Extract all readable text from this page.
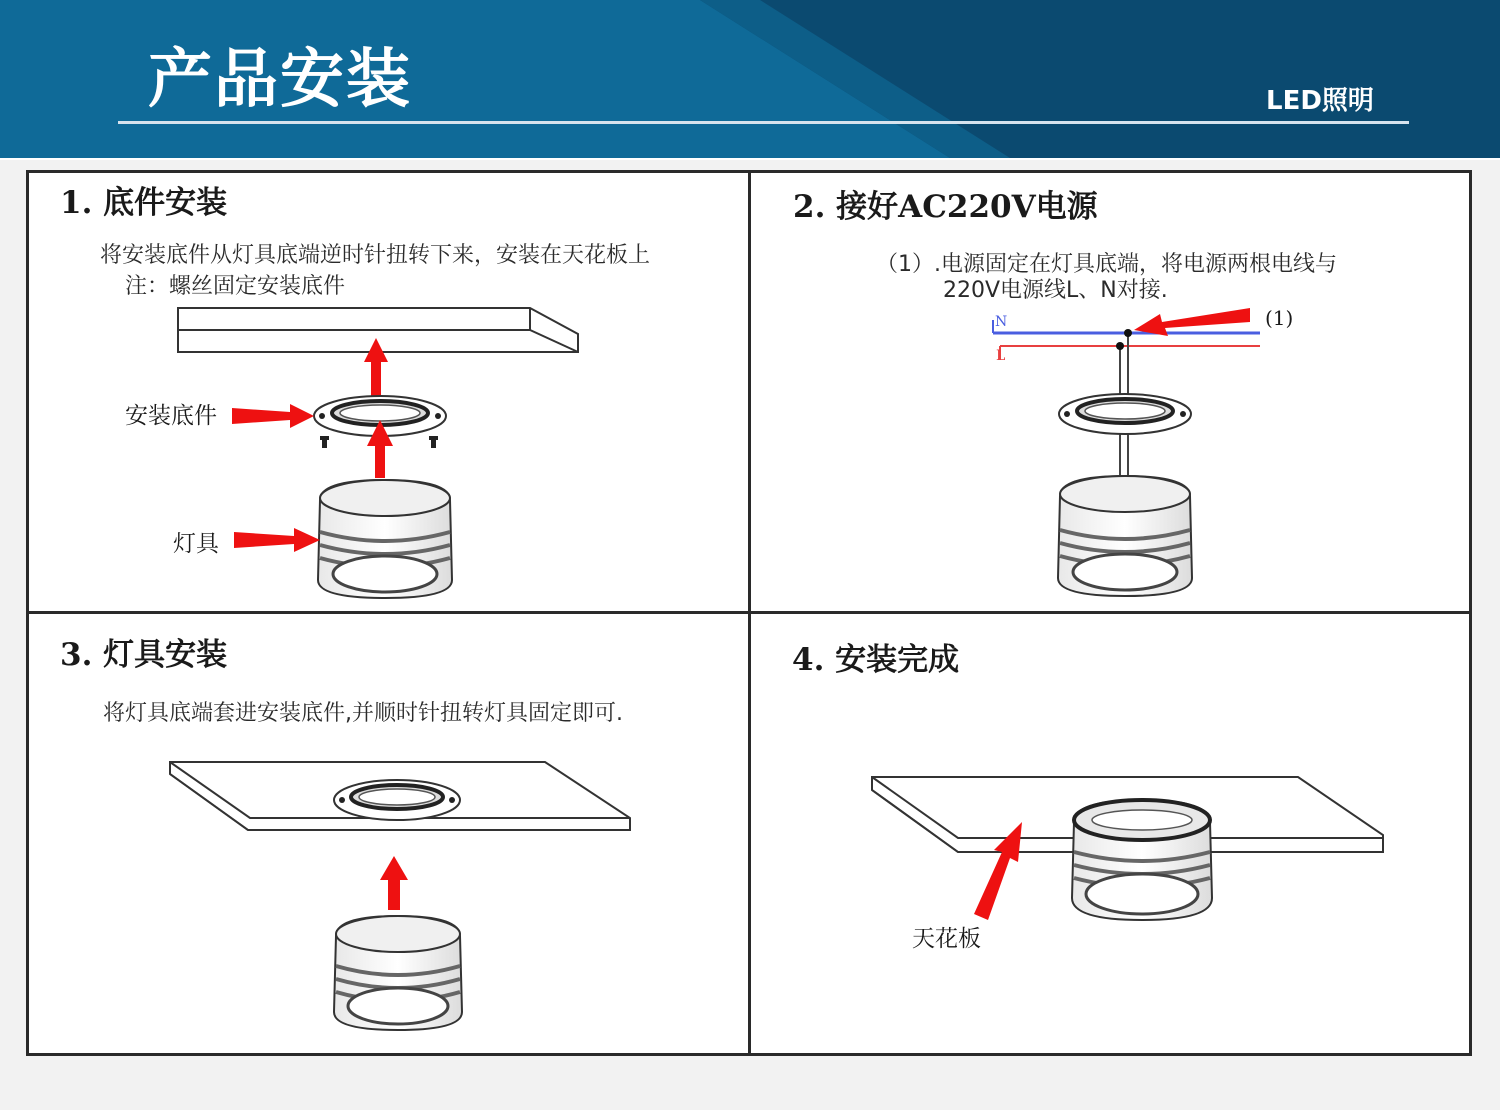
产品安装	LED照明
1. 底件安装
将安装底件从灯具底端逆时针扭转下来，安装在天花板上
注：螺丝固定安装底件
安装底件
灯具
2. 接好AC220V电源
（1）.电源固定在灯具底端，将电源两根电线与
220V电源线L、N对接.
N
L
(1)
3. 灯具安装
将灯具底端套进安装底件,并顺时针扭转灯具固定即可.
4. 安装完成
天花板
